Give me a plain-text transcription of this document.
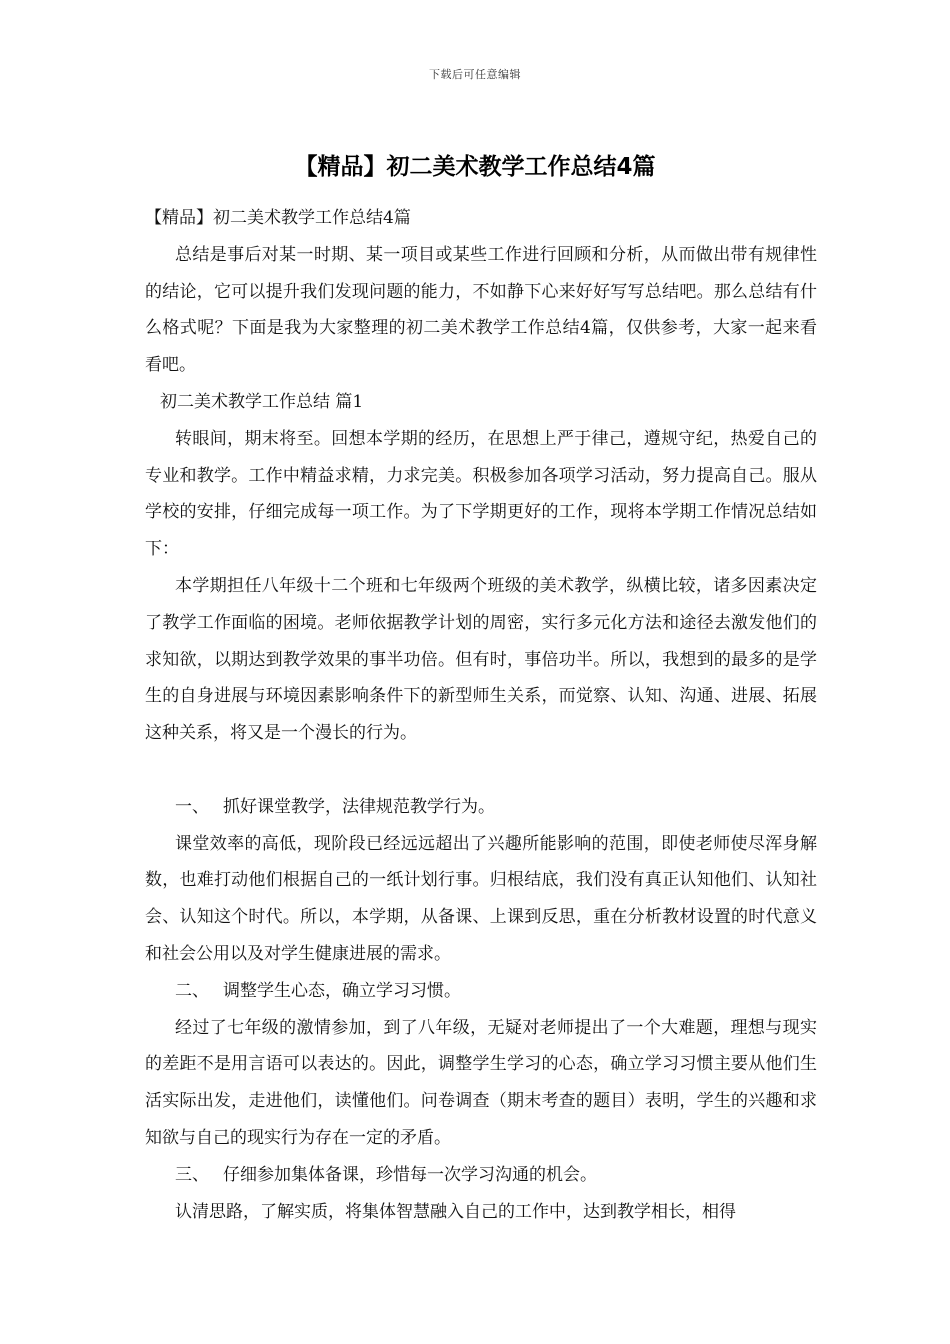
下载后可任意编辑
【精品】初二美术教学工作总结4篇

【精品】初二美术教学工作总结4篇

总结是事后对某一时期、某一项目或某些工作进行回顾和分析，从而做出带有规律性的结论，它可以提升我们发现问题的能力，不如静下心来好好写写总结吧。那么总结有什么格式呢？下面是我为大家整理的初二美术教学工作总结4篇，仅供参考，大家一起来看看吧。

初二美术教学工作总结 篇1

转眼间，期末将至。回想本学期的经历，在思想上严于律己，遵规守纪，热爱自己的专业和教学。工作中精益求精，力求完美。积极参加各项学习活动，努力提高自己。服从学校的安排，仔细完成每一项工作。为了下学期更好的工作，现将本学期工作情况总结如下：

本学期担任八年级十二个班和七年级两个班级的美术教学，纵横比较，诸多因素决定了教学工作面临的困境。老师依据教学计划的周密，实行多元化方法和途径去激发他们的求知欲，以期达到教学效果的事半功倍。但有时，事倍功半。所以，我想到的最多的是学生的自身进展与环境因素影响条件下的新型师生关系，而觉察、认知、沟通、进展、拓展这种关系，将又是一个漫长的行为。

一、 抓好课堂教学，法律规范教学行为。

课堂效率的高低，现阶段已经远远超出了兴趣所能影响的范围，即使老师使尽浑身解数，也难打动他们根据自己的一纸计划行事。归根结底，我们没有真正认知他们、认知社会、认知这个时代。所以，本学期，从备课、上课到反思，重在分析教材设置的时代意义和社会公用以及对学生健康进展的需求。

二、 调整学生心态，确立学习习惯。

经过了七年级的激情参加，到了八年级，无疑对老师提出了一个大难题，理想与现实的差距不是用言语可以表达的。因此，调整学生学习的心态，确立学习习惯主要从他们生活实际出发，走进他们，读懂他们。问卷调查（期末考查的题目）表明，学生的兴趣和求知欲与自己的现实行为存在一定的矛盾。

三、 仔细参加集体备课，珍惜每一次学习沟通的机会。

认清思路，了解实质，将集体智慧融入自己的工作中，达到教学相长，相得
